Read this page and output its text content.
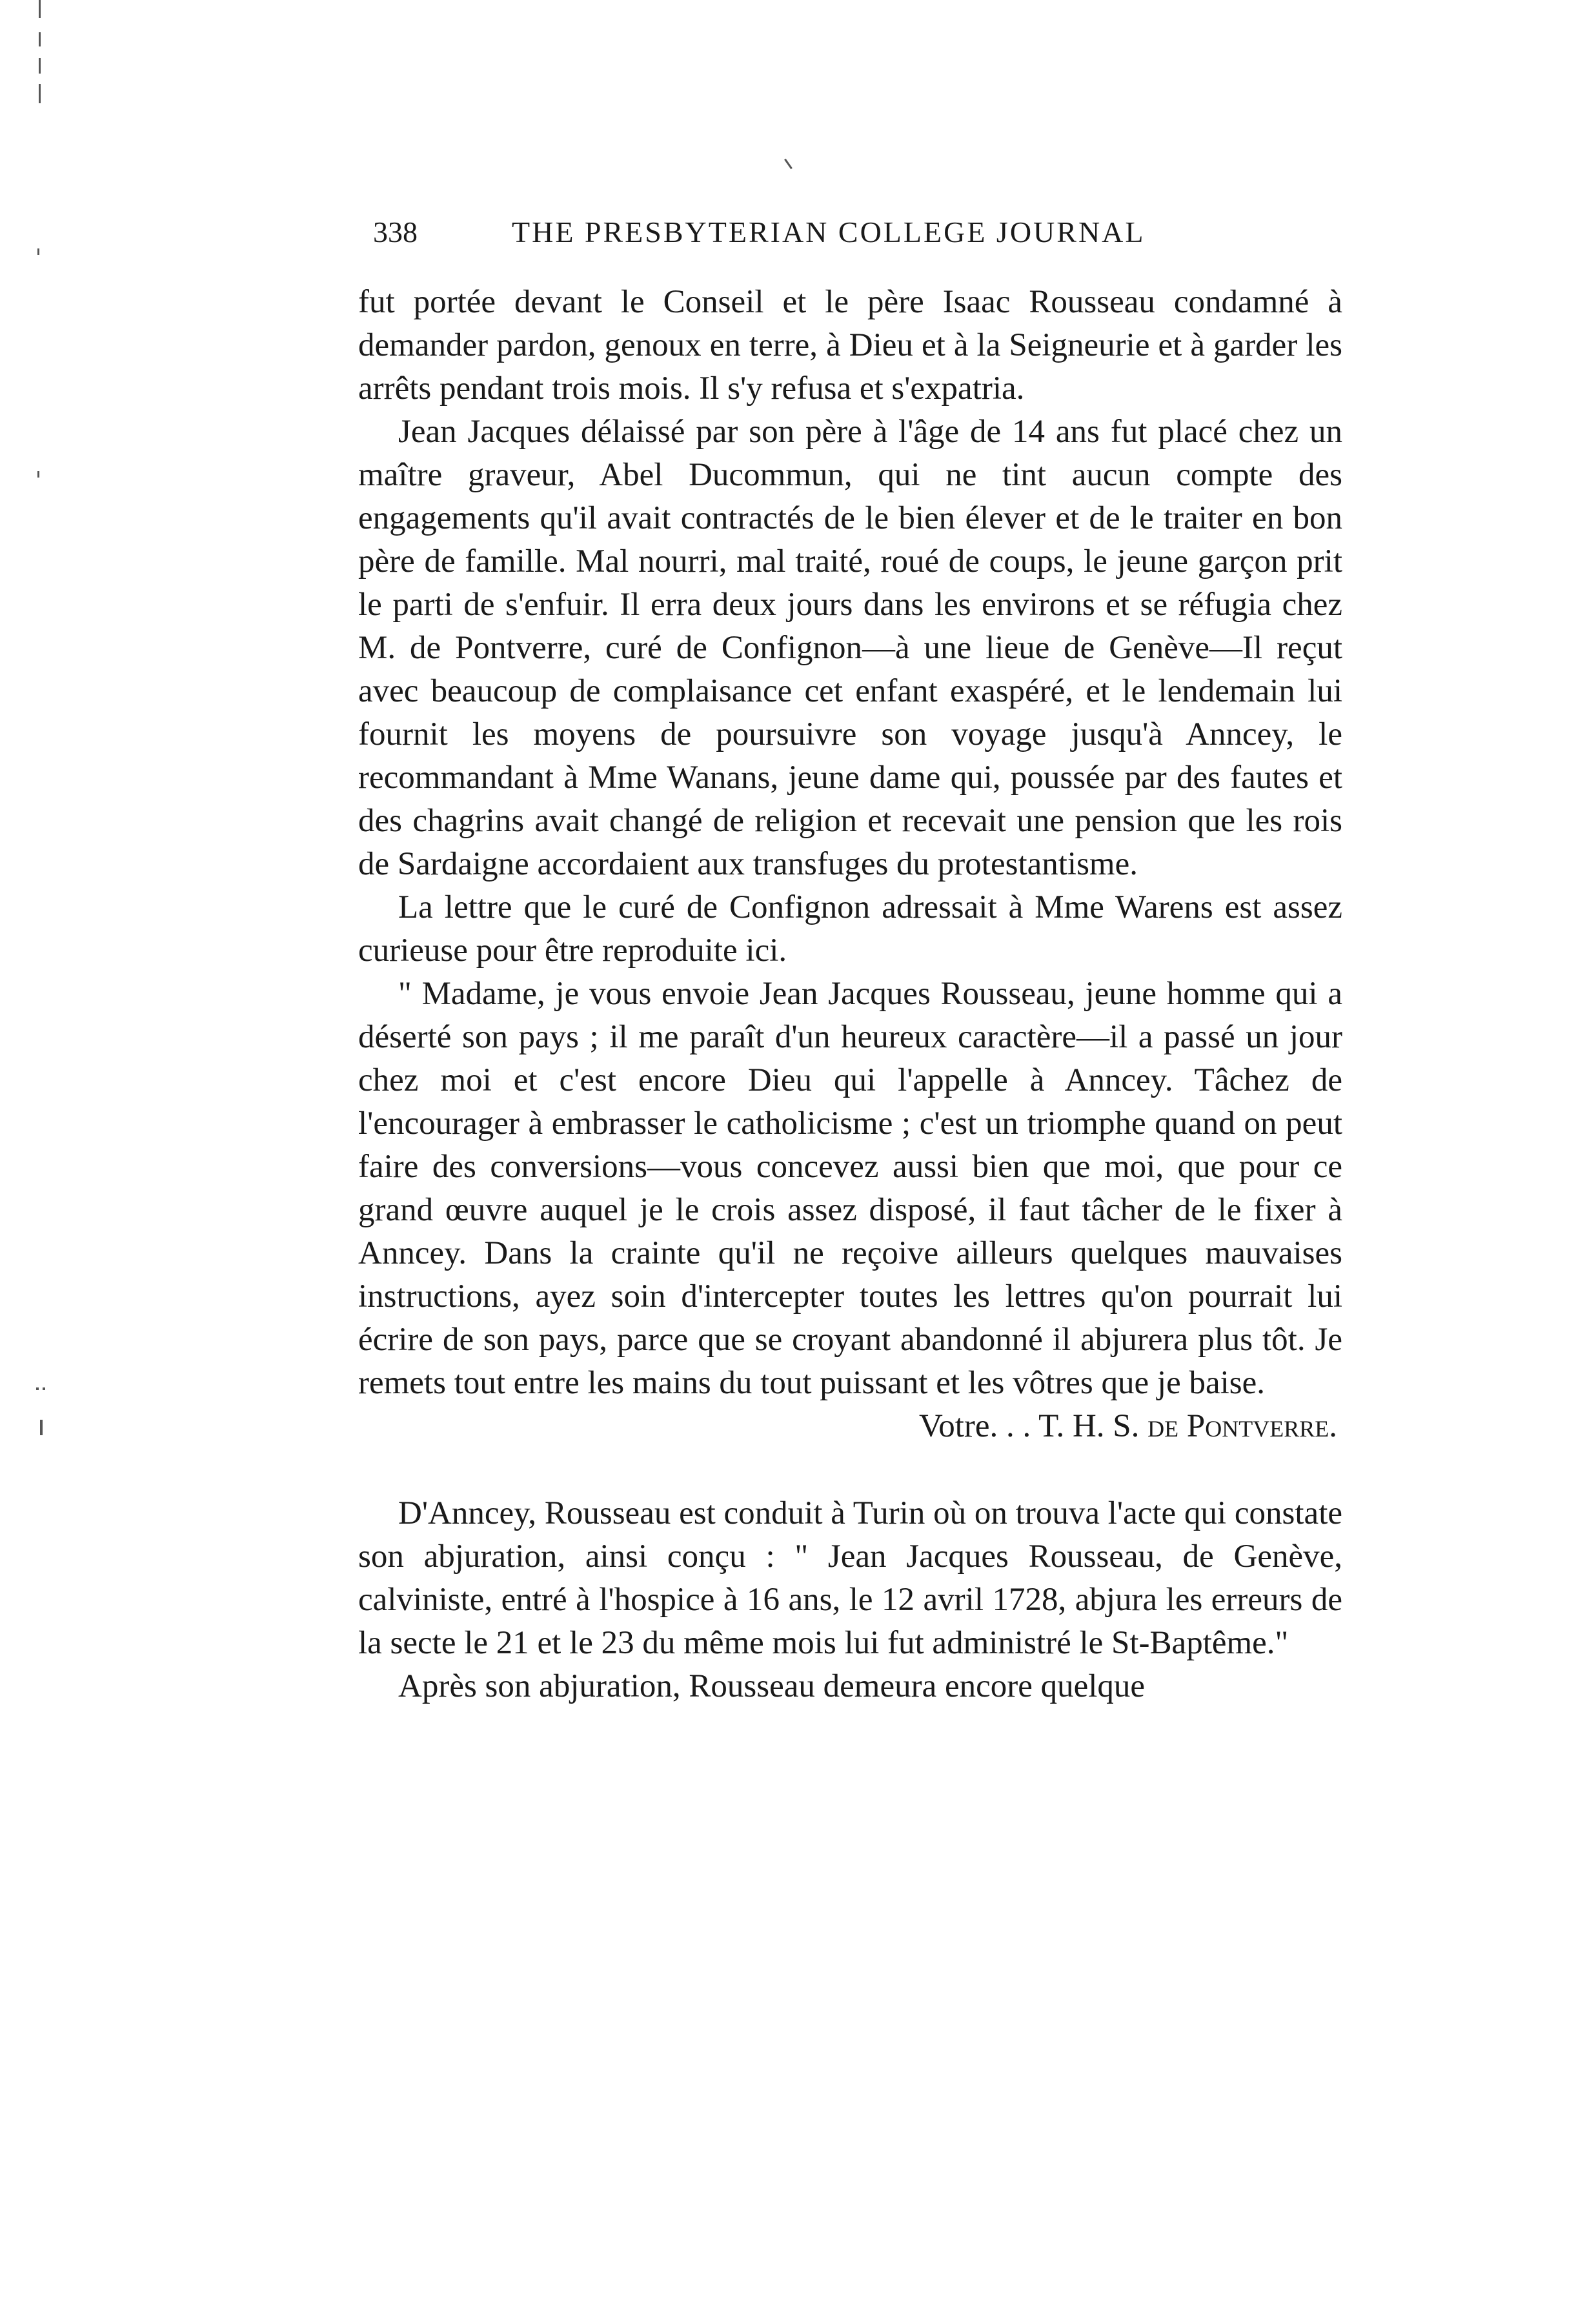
338	THE PRESBYTERIAN COLLEGE JOURNAL

fut portée devant le Conseil et le père Isaac Rousseau condamné à demander pardon, genoux en terre, à Dieu et à la Seigneurie et à garder les arrêts pendant trois mois. Il s'y refusa et s'expatria.

Jean Jacques délaissé par son père à l'âge de 14 ans fut placé chez un maître graveur, Abel Ducommun, qui ne tint aucun compte des engagements qu'il avait contractés de le bien élever et de le traiter en bon père de famille. Mal nourri, mal traité, roué de coups, le jeune garçon prit le parti de s'enfuir. Il erra deux jours dans les environs et se réfugia chez M. de Pontverre, curé de Confignon—à une lieue de Genève—Il reçut avec beaucoup de complaisance cet enfant exaspéré, et le lendemain lui fournit les moyens de poursuivre son voyage jusqu'à Anncey, le recommandant à Mme Wanans, jeune dame qui, poussée par des fautes et des chagrins avait changé de religion et recevait une pension que les rois de Sardaigne accordaient aux transfuges du protestantisme.

La lettre que le curé de Confignon adressait à Mme Warens est assez curieuse pour être reproduite ici.

" Madame, je vous envoie Jean Jacques Rousseau, jeune homme qui a déserté son pays ; il me paraît d'un heureux caractère—il a passé un jour chez moi et c'est encore Dieu qui l'appelle à Anncey. Tâchez de l'encourager à embrasser le catholicisme ; c'est un triomphe quand on peut faire des conversions—vous concevez aussi bien que moi, que pour ce grand œuvre auquel je le crois assez disposé, il faut tâcher de le fixer à Anncey. Dans la crainte qu'il ne reçoive ailleurs quelques mauvaises instructions, ayez soin d'intercepter toutes les lettres qu'on pourrait lui écrire de son pays, parce que se croyant abandonné il abjurera plus tôt. Je remets tout entre les mains du tout puissant et les vôtres que je baise.

Votre. . . T. H. S. de Pontverre.

D'Anncey, Rousseau est conduit à Turin où on trouva l'acte qui constate son abjuration, ainsi conçu : " Jean Jacques Rousseau, de Genève, calviniste, entré à l'hospice à 16 ans, le 12 avril 1728, abjura les erreurs de la secte le 21 et le 23 du même mois lui fut administré le St-Baptême."

Après son abjuration, Rousseau demeura encore quelque
